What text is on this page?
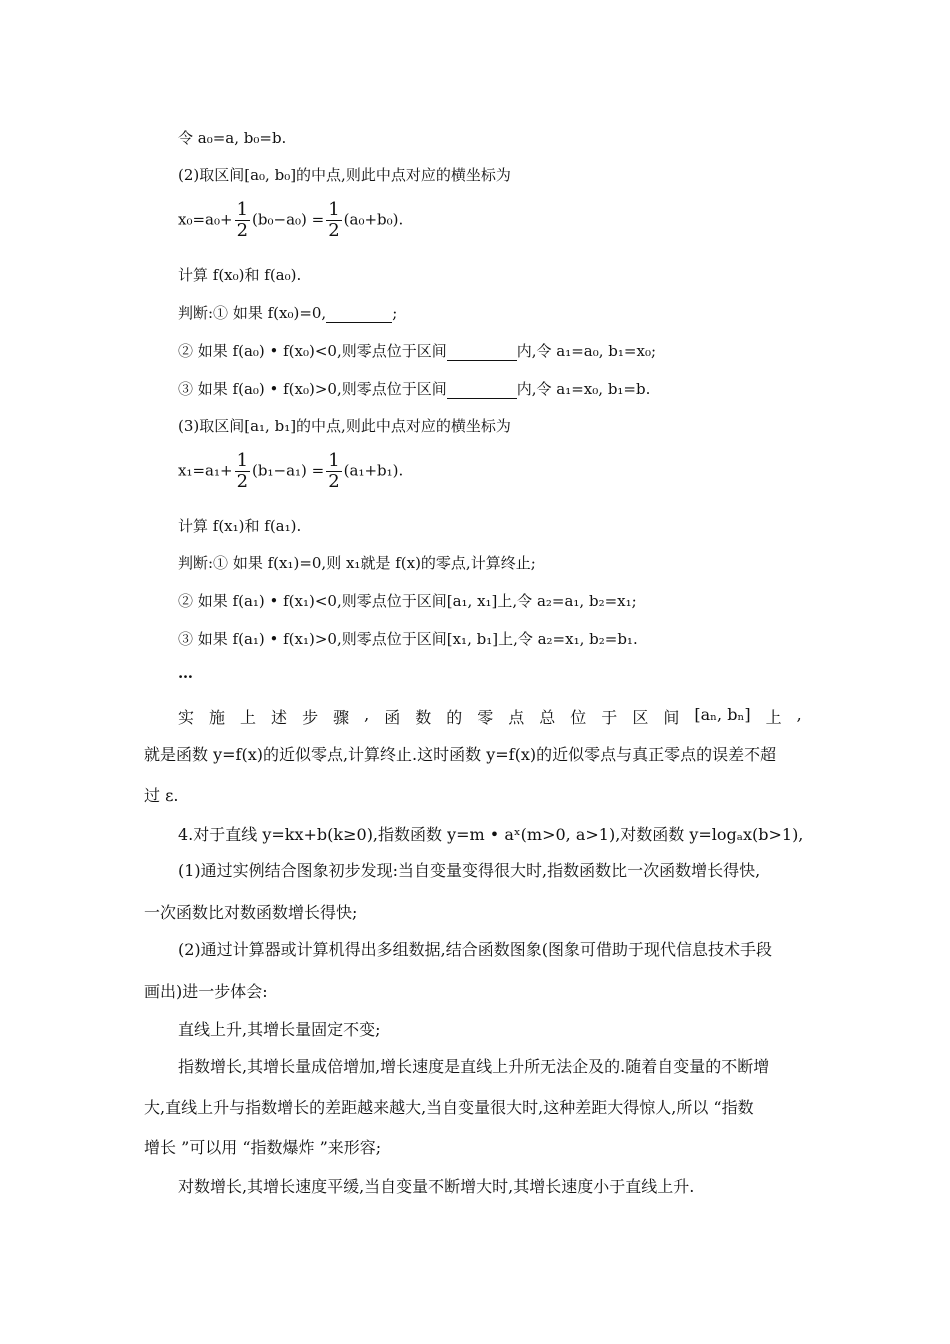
令 a₀=a, b₀=b.
(2)取区间[a₀, b₀]的中点,则此中点对应的横坐标为
$x_0=a_0+ \frac{1}{2} (b_0-a_0) = \frac{1}{2} (a_0+b_0)$.
计算 f(x₀)和 f(a₀).
判断:① 如果 f(x₀)=0,	;
② 如果 f(a₀) • f(x₀)<0,则零点位于区间	内,令 a₁=a₀, b₁=x₀;
③ 如果 f(a₀) • f(x₀)>0,则零点位于区间	内,令 a₁=x₀, b₁=b.
(3)取区间[a₁, b₁]的中点,则此中点对应的横坐标为
$x_1=a_1+ \frac{1}{2} (b_1-a_1) = \frac{1}{2} (a_1+b_1)$.
计算 f(x₁)和 f(a₁).
判断:① 如果 f(x₁)=0,则 x₁就是 f(x)的零点,计算终止;
② 如果 f(a₁) • f(x₁)<0,则零点位于区间[a₁, x₁]上,令 a₂=a₁, b₂=x₁;
③ 如果 f(a₁) • f(x₁)>0,则零点位于区间[x₁, b₁]上,令 a₂=x₁, b₂=b₁.
…
实 施 上 述 步 骤 , 函 数 的 零 点 总 位 于 区 间 [aₙ, bₙ] 上 ,
就是函数 y=f(x)的近似零点,计算终止.这时函数 y=f(x)的近似零点与真正零点的误差不超
过 ε.
4.对于直线 y=kx+b(k≥0),指数函数 y=m • aˣ(m>0, a>1),对数函数 y=logₐx(b>1),
(1)通过实例结合图象初步发现:当自变量变得很大时,指数函数比一次函数增长得快,
一次函数比对数函数增长得快;
(2)通过计算器或计算机得出多组数据,结合函数图象(图象可借助于现代信息技术手段
画出)进一步体会:
直线上升,其增长量固定不变;
指数增长,其增长量成倍增加,增长速度是直线上升所无法企及的.随着自变量的不断增
大,直线上升与指数增长的差距越来越大,当自变量很大时,这种差距大得惊人,所以 “指数
增长 ”可以用 “指数爆炸 ”来形容;
对数增长,其增长速度平缓,当自变量不断增大时,其增长速度小于直线上升.
